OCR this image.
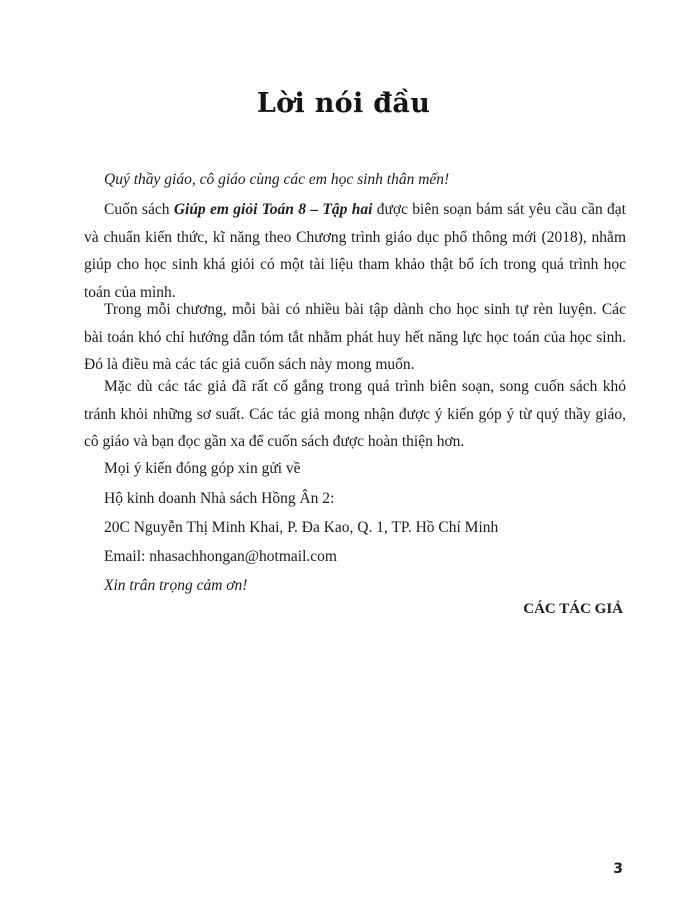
Lời nói đầu
Quý thầy giáo, cô giáo cùng các em học sinh thân mến!

Cuốn sách Giúp em giỏi Toán 8 – Tập hai được biên soạn bám sát yêu cầu cần đạt và chuẩn kiến thức, kĩ năng theo Chương trình giáo dục phổ thông mới (2018), nhằm giúp cho học sinh khá giỏi có một tài liệu tham khảo thật bổ ích trong quá trình học toán của mình.

Trong mỗi chương, mỗi bài có nhiều bài tập dành cho học sinh tự rèn luyện. Các bài toán khó chỉ hướng dẫn tóm tắt nhằm phát huy hết năng lực học toán của học sinh. Đó là điều mà các tác giả cuốn sách này mong muốn.

Mặc dù các tác giả đã rất cố gắng trong quá trình biên soạn, song cuốn sách khó tránh khỏi những sơ suất. Các tác giả mong nhận được ý kiến góp ý từ quý thầy giáo, cô giáo và bạn đọc gần xa để cuốn sách được hoàn thiện hơn.

Mọi ý kiến đóng góp xin gửi về
Hộ kinh doanh Nhà sách Hồng Ân 2:
20C Nguyễn Thị Minh Khai, P. Đa Kao, Q. 1, TP. Hồ Chí Minh
Email: nhasachhongan@hotmail.com
Xin trân trọng cảm ơn!
CÁC TÁC GIẢ
3
